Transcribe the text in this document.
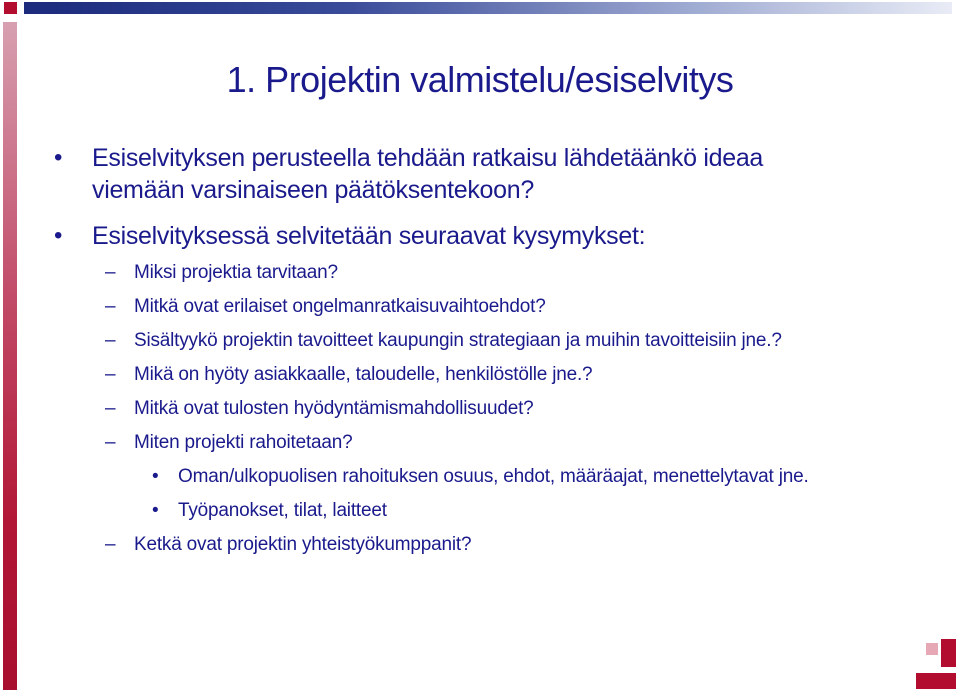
1. Projektin valmistelu/esiselvitys
• Esiselvityksen perusteella tehdään ratkaisu lähdetäänkö ideaa
viemään varsinaiseen päätöksentekoon?
• Esiselvityksessä selvitetään seuraavat kysymykset:
– Miksi projektia tarvitaan?
– Mitkä ovat erilaiset ongelmanratkaisuvaihtoehdot?
– Sisältyykö projektin tavoitteet kaupungin strategiaan ja muihin tavoitteisiin jne.?
– Mikä on hyöty asiakkaalle, taloudelle, henkilöstölle jne.?
– Mitkä ovat tulosten hyödyntämismahdollisuudet?
– Miten projekti rahoitetaan?
• Oman/ulkopuolisen rahoituksen osuus, ehdot, määräajat, menettelytavat jne.
• Työpanokset, tilat, laitteet
– Ketkä ovat projektin yhteistyökumppanit?
